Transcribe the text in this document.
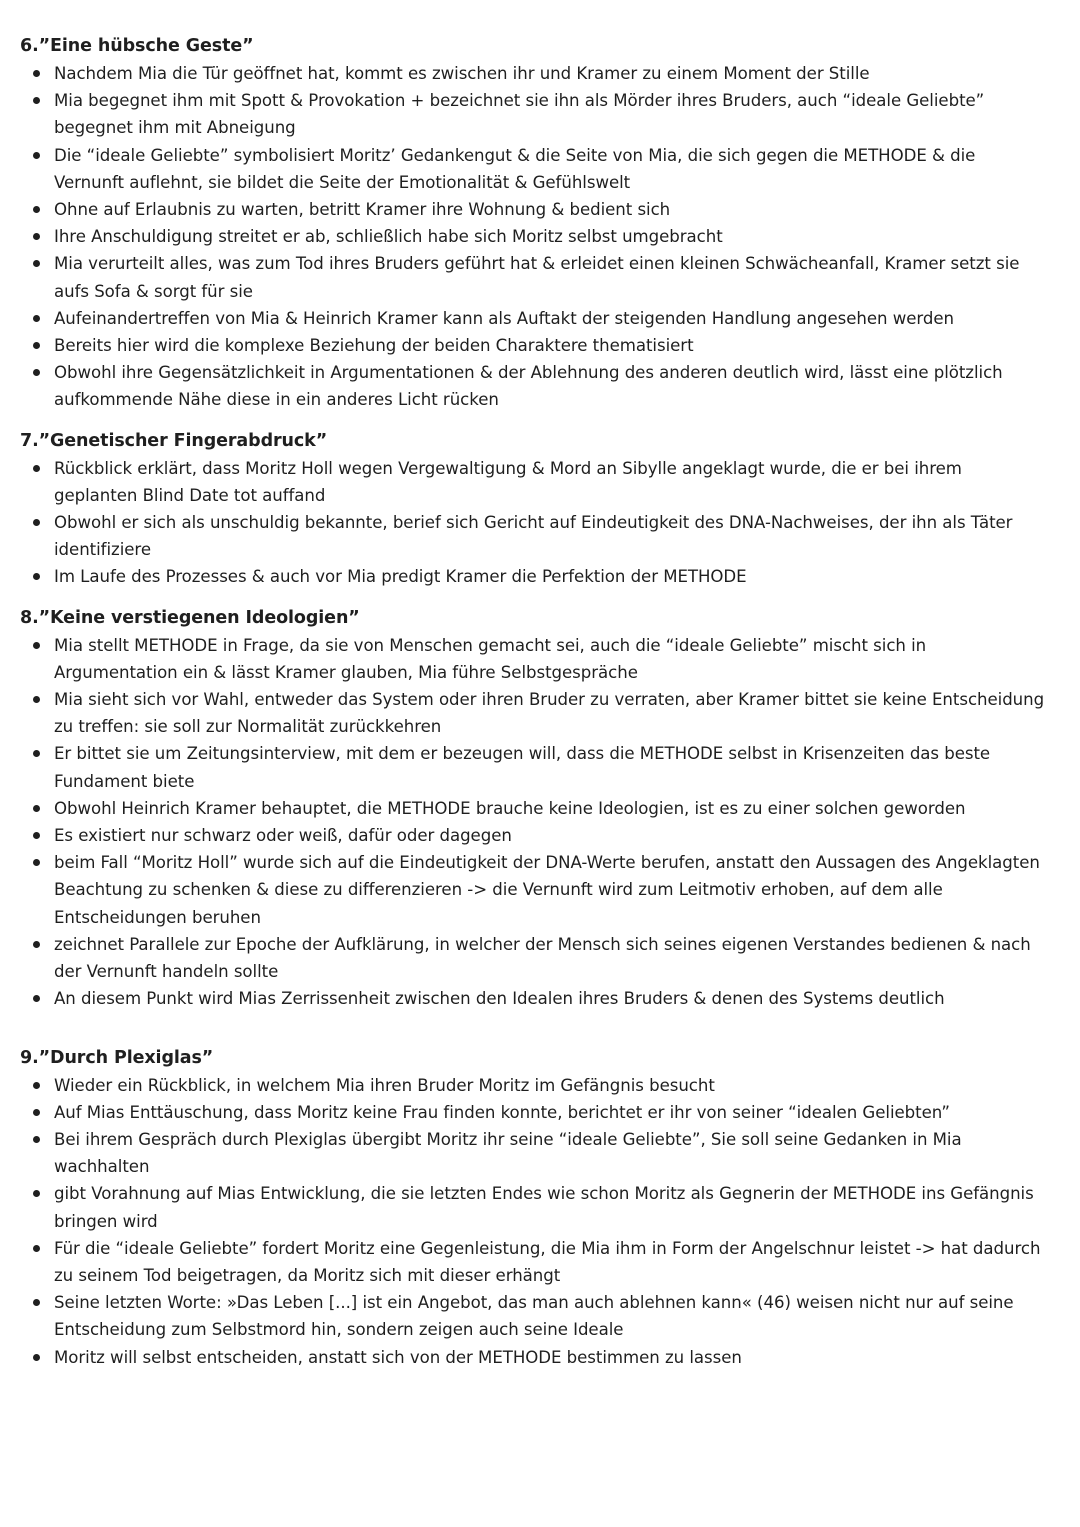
6.”Eine hübsche Geste”
Nachdem Mia die Tür geöffnet hat, kommt es zwischen ihr und Kramer zu einem Moment der Stille
Mia begegnet ihm mit Spott & Provokation + bezeichnet sie ihn als Mörder ihres Bruders, auch “ideale Geliebte” begegnet ihm mit Abneigung
Die “ideale Geliebte” symbolisiert Moritz’ Gedankengut & die Seite von Mia, die sich gegen die METHODE & die Vernunft auflehnt, sie bildet die Seite der Emotionalität & Gefühlswelt
Ohne auf Erlaubnis zu warten, betritt Kramer ihre Wohnung & bedient sich
Ihre Anschuldigung streitet er ab, schließlich habe sich Moritz selbst umgebracht
Mia verurteilt alles, was zum Tod ihres Bruders geführt hat & erleidet einen kleinen Schwächeanfall, Kramer setzt sie aufs Sofa & sorgt für sie
Aufeinandertreffen von Mia & Heinrich Kramer kann als Auftakt der steigenden Handlung angesehen werden
Bereits hier wird die komplexe Beziehung der beiden Charaktere thematisiert
Obwohl ihre Gegensätzlichkeit in Argumentationen & der Ablehnung des anderen deutlich wird, lässt eine plötzlich aufkommende Nähe diese in ein anderes Licht rücken
7.”Genetischer Fingerabdruck”
Rückblick erklärt, dass Moritz Holl wegen Vergewaltigung & Mord an Sibylle angeklagt wurde, die er bei ihrem geplanten Blind Date tot auffand
Obwohl er sich als unschuldig bekannte, berief sich Gericht auf Eindeutigkeit des DNA-Nachweises, der ihn als Täter identifiziere
Im Laufe des Prozesses & auch vor Mia predigt Kramer die Perfektion der METHODE
8.”Keine verstiegenen Ideologien”
Mia stellt METHODE in Frage, da sie von Menschen gemacht sei, auch die “ideale Geliebte” mischt sich in Argumentation ein & lässt Kramer glauben, Mia führe Selbstgespräche
Mia sieht sich vor Wahl, entweder das System oder ihren Bruder zu verraten, aber Kramer bittet sie keine Entscheidung zu treffen: sie soll zur Normalität zurückkehren
Er bittet sie um Zeitungsinterview, mit dem er bezeugen will, dass die METHODE selbst in Krisenzeiten das beste Fundament biete
Obwohl Heinrich Kramer behauptet, die METHODE brauche keine Ideologien, ist es zu einer solchen geworden
Es existiert nur schwarz oder weiß, dafür oder dagegen
beim Fall “Moritz Holl” wurde sich auf die Eindeutigkeit der DNA-Werte berufen, anstatt den Aussagen des Angeklagten Beachtung zu schenken & diese zu differenzieren -> die Vernunft wird zum Leitmotiv erhoben, auf dem alle Entscheidungen beruhen
zeichnet Parallele zur Epoche der Aufklärung, in welcher der Mensch sich seines eigenen Verstandes bedienen & nach der Vernunft handeln sollte
An diesem Punkt wird Mias Zerrissenheit zwischen den Idealen ihres Bruders & denen des Systems deutlich
9.”Durch Plexiglas”
Wieder ein Rückblick, in welchem Mia ihren Bruder Moritz im Gefängnis besucht
Auf Mias Enttäuschung, dass Moritz keine Frau finden konnte, berichtet er ihr von seiner “idealen Geliebten”
Bei ihrem Gespräch durch Plexiglas übergibt Moritz ihr seine “ideale Geliebte”, Sie soll seine Gedanken in Mia wachhalten
gibt Vorahnung auf Mias Entwicklung, die sie letzten Endes wie schon Moritz als Gegnerin der METHODE ins Gefängnis bringen wird
Für die “ideale Geliebte” fordert Moritz eine Gegenleistung, die Mia ihm in Form der Angelschnur leistet -> hat dadurch zu seinem Tod beigetragen, da Moritz sich mit dieser erhängt
Seine letzten Worte: »Das Leben [...] ist ein Angebot, das man auch ablehnen kann« (46) weisen nicht nur auf seine Entscheidung zum Selbstmord hin, sondern zeigen auch seine Ideale
Moritz will selbst entscheiden, anstatt sich von der METHODE bestimmen zu lassen
